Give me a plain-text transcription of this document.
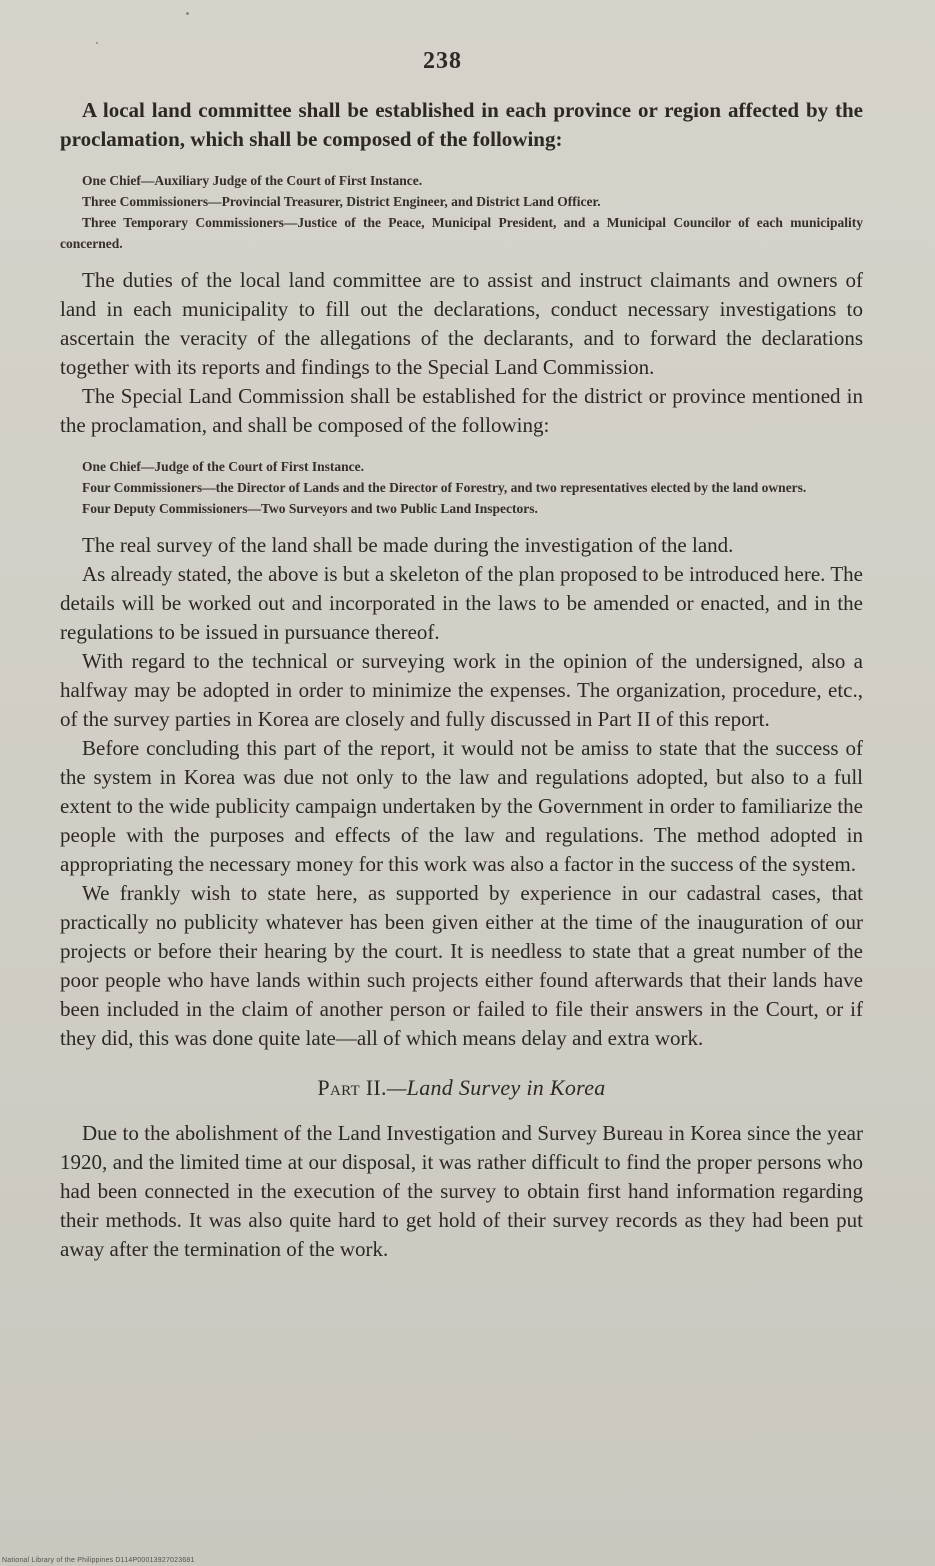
238

A local land committee shall be established in each province or region affected by the proclamation, which shall be composed of the following:

One Chief—Auxiliary Judge of the Court of First Instance.

Three Commissioners—Provincial Treasurer, District Engineer, and District Land Officer.

Three Temporary Commissioners—Justice of the Peace, Municipal President, and a Municipal Councilor of each municipality concerned.

The duties of the local land committee are to assist and instruct claimants and owners of land in each municipality to fill out the declarations, conduct necessary investigations to ascertain the veracity of the allegations of the declarants, and to forward the declarations together with its reports and findings to the Special Land Commission.

The Special Land Commission shall be established for the district or province mentioned in the proclamation, and shall be composed of the following:

One Chief—Judge of the Court of First Instance.

Four Commissioners—the Director of Lands and the Director of Forestry, and two representatives elected by the land owners.

Four Deputy Commissioners—Two Surveyors and two Public Land Inspectors.

The real survey of the land shall be made during the investigation of the land.

As already stated, the above is but a skeleton of the plan proposed to be introduced here. The details will be worked out and incorporated in the laws to be amended or enacted, and in the regulations to be issued in pursuance thereof.

With regard to the technical or surveying work in the opinion of the undersigned, also a halfway may be adopted in order to minimize the expenses. The organization, procedure, etc., of the survey parties in Korea are closely and fully discussed in Part II of this report.

Before concluding this part of the report, it would not be amiss to state that the success of the system in Korea was due not only to the law and regulations adopted, but also to a full extent to the wide publicity campaign undertaken by the Government in order to familiarize the people with the purposes and effects of the law and regulations. The method adopted in appropriating the necessary money for this work was also a factor in the success of the system.

We frankly wish to state here, as supported by experience in our cadastral cases, that practically no publicity whatever has been given either at the time of the inauguration of our projects or before their hearing by the court. It is needless to state that a great number of the poor people who have lands within such projects either found afterwards that their lands have been included in the claim of another person or failed to file their answers in the Court, or if they did, this was done quite late—all of which means delay and extra work.

Part II.—Land Survey in Korea

Due to the abolishment of the Land Investigation and Survey Bureau in Korea since the year 1920, and the limited time at our disposal, it was rather difficult to find the proper persons who had been connected in the execution of the survey to obtain first hand information regarding their methods. It was also quite hard to get hold of their survey records as they had been put away after the termination of the work.

National Library of the Philippines D114P00013927023681
